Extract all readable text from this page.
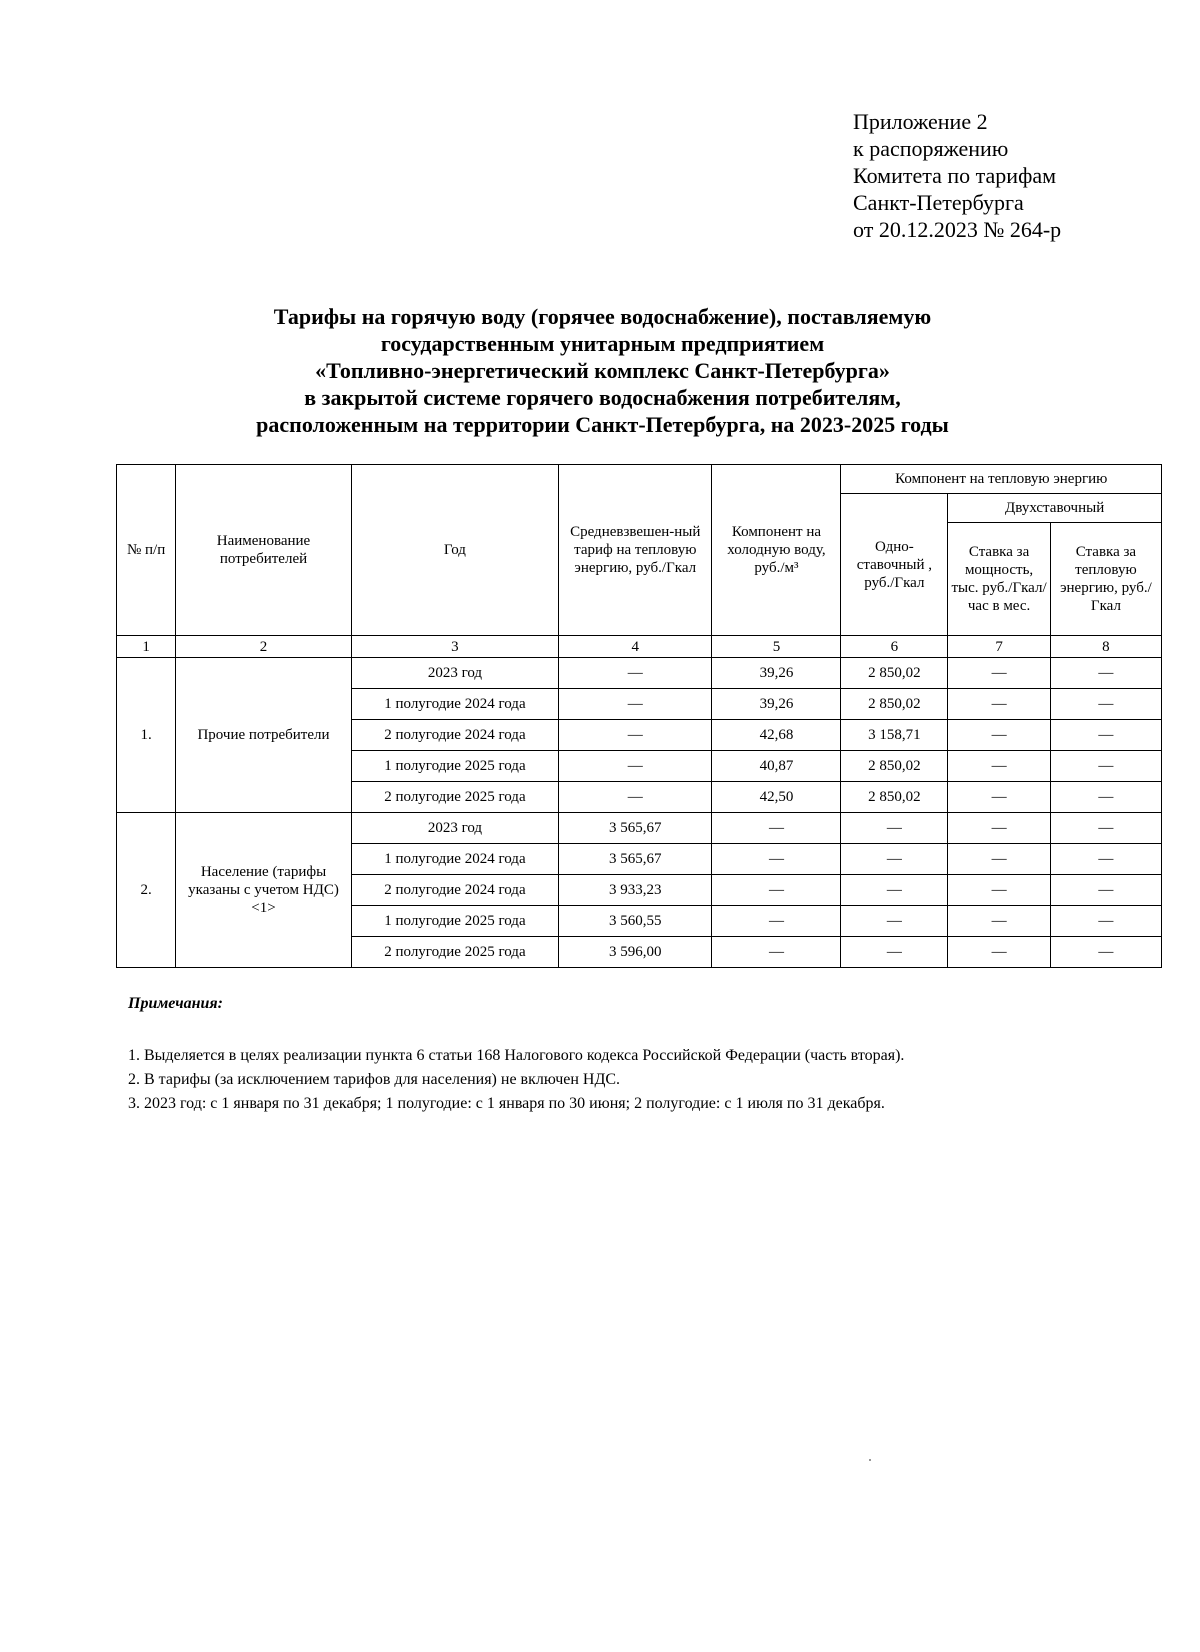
Приложение 2
к распоряжению
Комитета по тарифам
Санкт-Петербурга
от 20.12.2023 № 264-р
Тарифы на горячую воду (горячее водоснабжение), поставляемую
государственным унитарным предприятием
«Топливно-энергетический комплекс Санкт-Петербурга»
в закрытой системе горячего водоснабжения потребителям,
расположенным на территории Санкт-Петербурга, на 2023-2025 годы
№ п/п	Наименование потребителей	Год	Средневзвешен-ный тариф на тепловую энергию, руб./Гкал	Компонент на холодную воду, руб./м³	Компонент на тепловую энергию		
					Одно-ставочный , руб./Гкал	Двухставочный	
						Ставка за мощность, тыс. руб./Гкал/ час в мес.	Ставка за тепловую энергию, руб./Гкал
1	2	3	4	5	6	7	8
1.	Прочие потребители	2023 год	—	39,26	2 850,02	—	—
		1 полугодие 2024 года	—	39,26	2 850,02	—	—
		2 полугодие 2024 года	—	42,68	3 158,71	—	—
		1 полугодие 2025 года	—	40,87	2 850,02	—	—
		2 полугодие 2025 года	—	42,50	2 850,02	—	—
2.	Население (тарифы указаны с учетом НДС) <1>	2023 год	3 565,67	—	—	—	—
		1 полугодие 2024 года	3 565,67	—	—	—	—
		2 полугодие 2024 года	3 933,23	—	—	—	—
		1 полугодие 2025 года	3 560,55	—	—	—	—
		2 полугодие 2025 года	3 596,00	—	—	—	—
Примечания:
1. Выделяется в целях реализации пункта 6 статьи 168 Налогового кодекса Российской Федерации (часть вторая).
2. В тарифы (за исключением тарифов для населения) не включен НДС.
3. 2023 год: с 1 января по 31 декабря; 1 полугодие: с 1 января по 30 июня; 2 полугодие: с 1 июля по 31 декабря.
